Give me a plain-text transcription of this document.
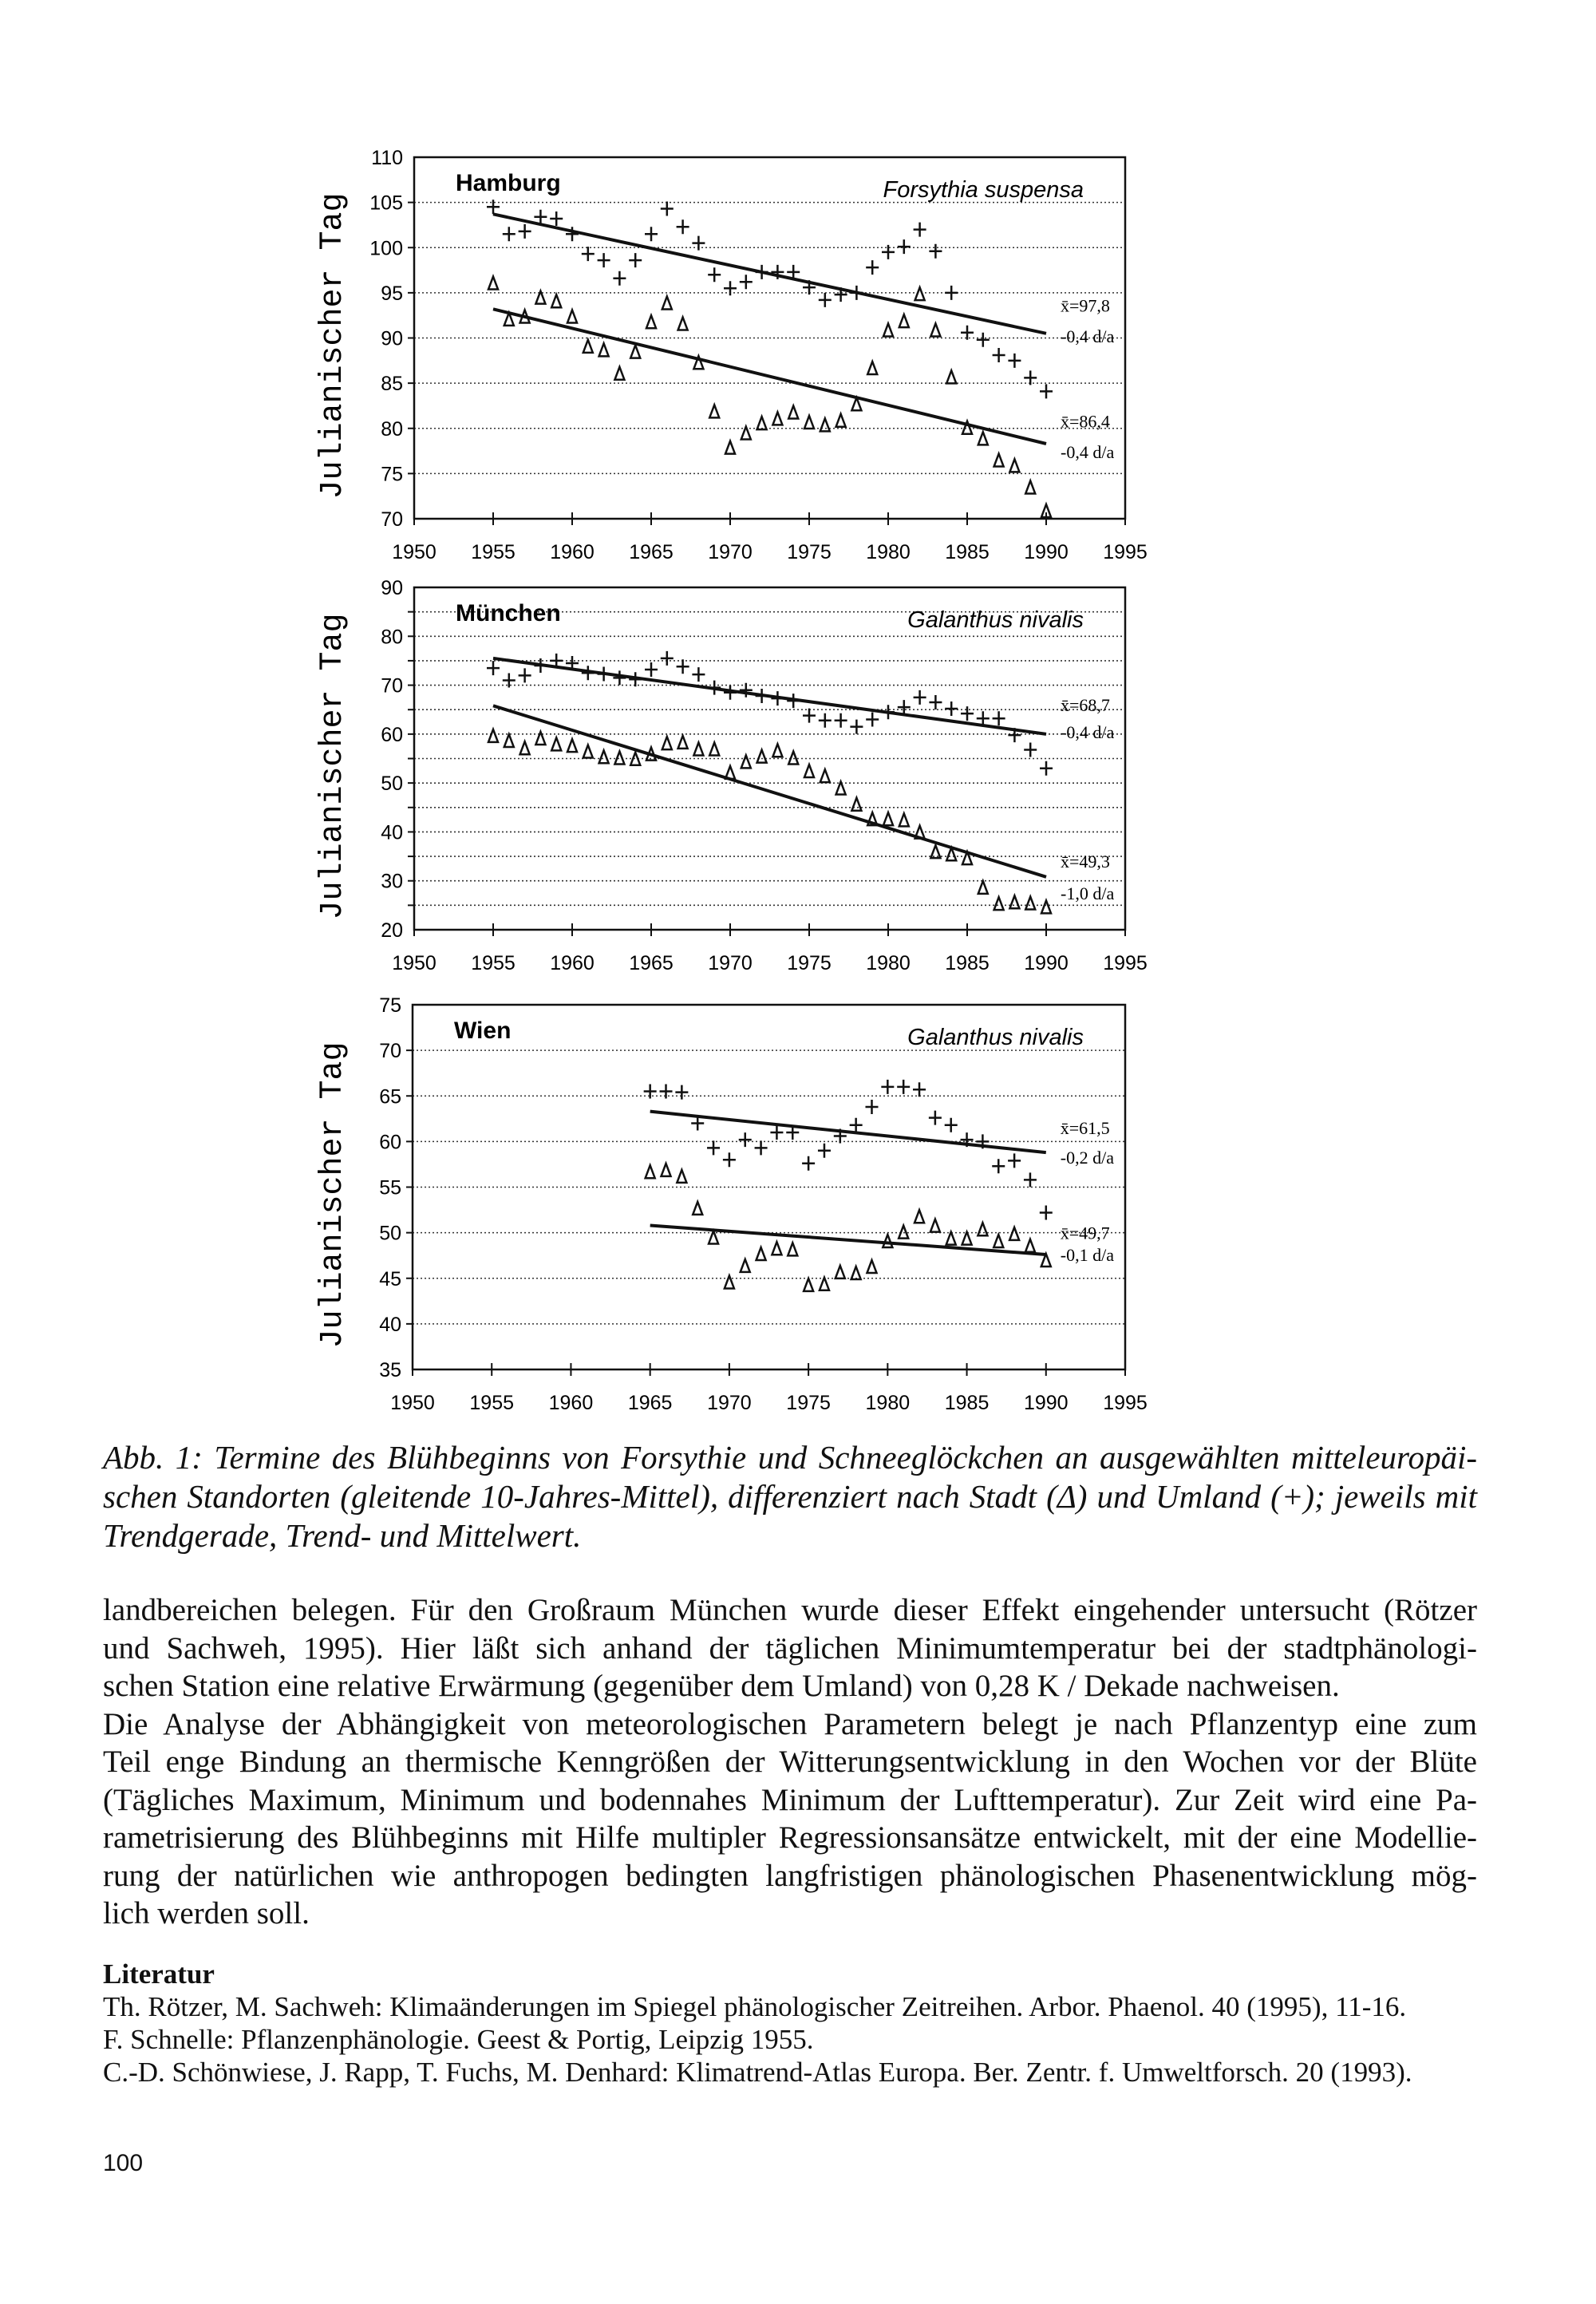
1950 1955 1960 1965 1970 1975 1980 1985 1990 1995
70
75
80
85
90
95
100
105
110
Julianischer Tag
Hamburg	Forsythia suspensa
x̄=97,8
-0,4 d/a
x̄=86,4
-0,4 d/a
1950 1955 1960 1965 1970 1975 1980 1985 1990 1995
20
30
40
50
60
70
80
90
Julianischer Tag	München	Galanthus nivalis
x̄=68,7
-0,4 d/a
x̄=49,3
-1,0 d/a
1950 1955 1960 1965 1970 1975 1980 1985 1990 1995
35
40
45
50
55
60
65
70
75
Julianischer Tag
Wien	Galanthus nivalis
x̄=61,5
-0,2 d/a
x̄=49,7
-0,1 d/a
Abb. 1: Termine des Blühbeginns von Forsythie und Schneeglöckchen an ausgewählten mitteleuropäi-
schen Standorten (gleitende 10-Jahres-Mittel), differenziert nach Stadt (Δ) und Umland (+); jeweils mit
Trendgerade, Trend- und Mittelwert.
landbereichen belegen. Für den Großraum München wurde dieser Effekt eingehender untersucht (Rötzer
und Sachweh, 1995). Hier läßt sich anhand der täglichen Minimumtemperatur bei der stadtphänologi-
schen Station eine relative Erwärmung (gegenüber dem Umland) von 0,28 K / Dekade nachweisen.
Die Analyse der Abhängigkeit von meteorologischen Parametern belegt je nach Pflanzentyp eine zum
Teil enge Bindung an thermische Kenngrößen der Witterungsentwicklung in den Wochen vor der Blüte
(Tägliches Maximum, Minimum und bodennahes Minimum der Lufttemperatur). Zur Zeit wird eine Pa-
rametrisierung des Blühbeginns mit Hilfe multipler Regressionsansätze entwickelt, mit der eine Modellie-
rung der natürlichen wie anthropogen bedingten langfristigen phänologischen Phasenentwicklung mög-
lich werden soll.
Literatur
Th. Rötzer, M. Sachweh: Klimaänderungen im Spiegel phänologischer Zeitreihen. Arbor. Phaenol. 40 (1995), 11-16.
F. Schnelle: Pflanzenphänologie. Geest & Portig, Leipzig 1955.
C.-D. Schönwiese, J. Rapp, T. Fuchs, M. Denhard: Klimatrend-Atlas Europa. Ber. Zentr. f. Umweltforsch. 20 (1993).
100
